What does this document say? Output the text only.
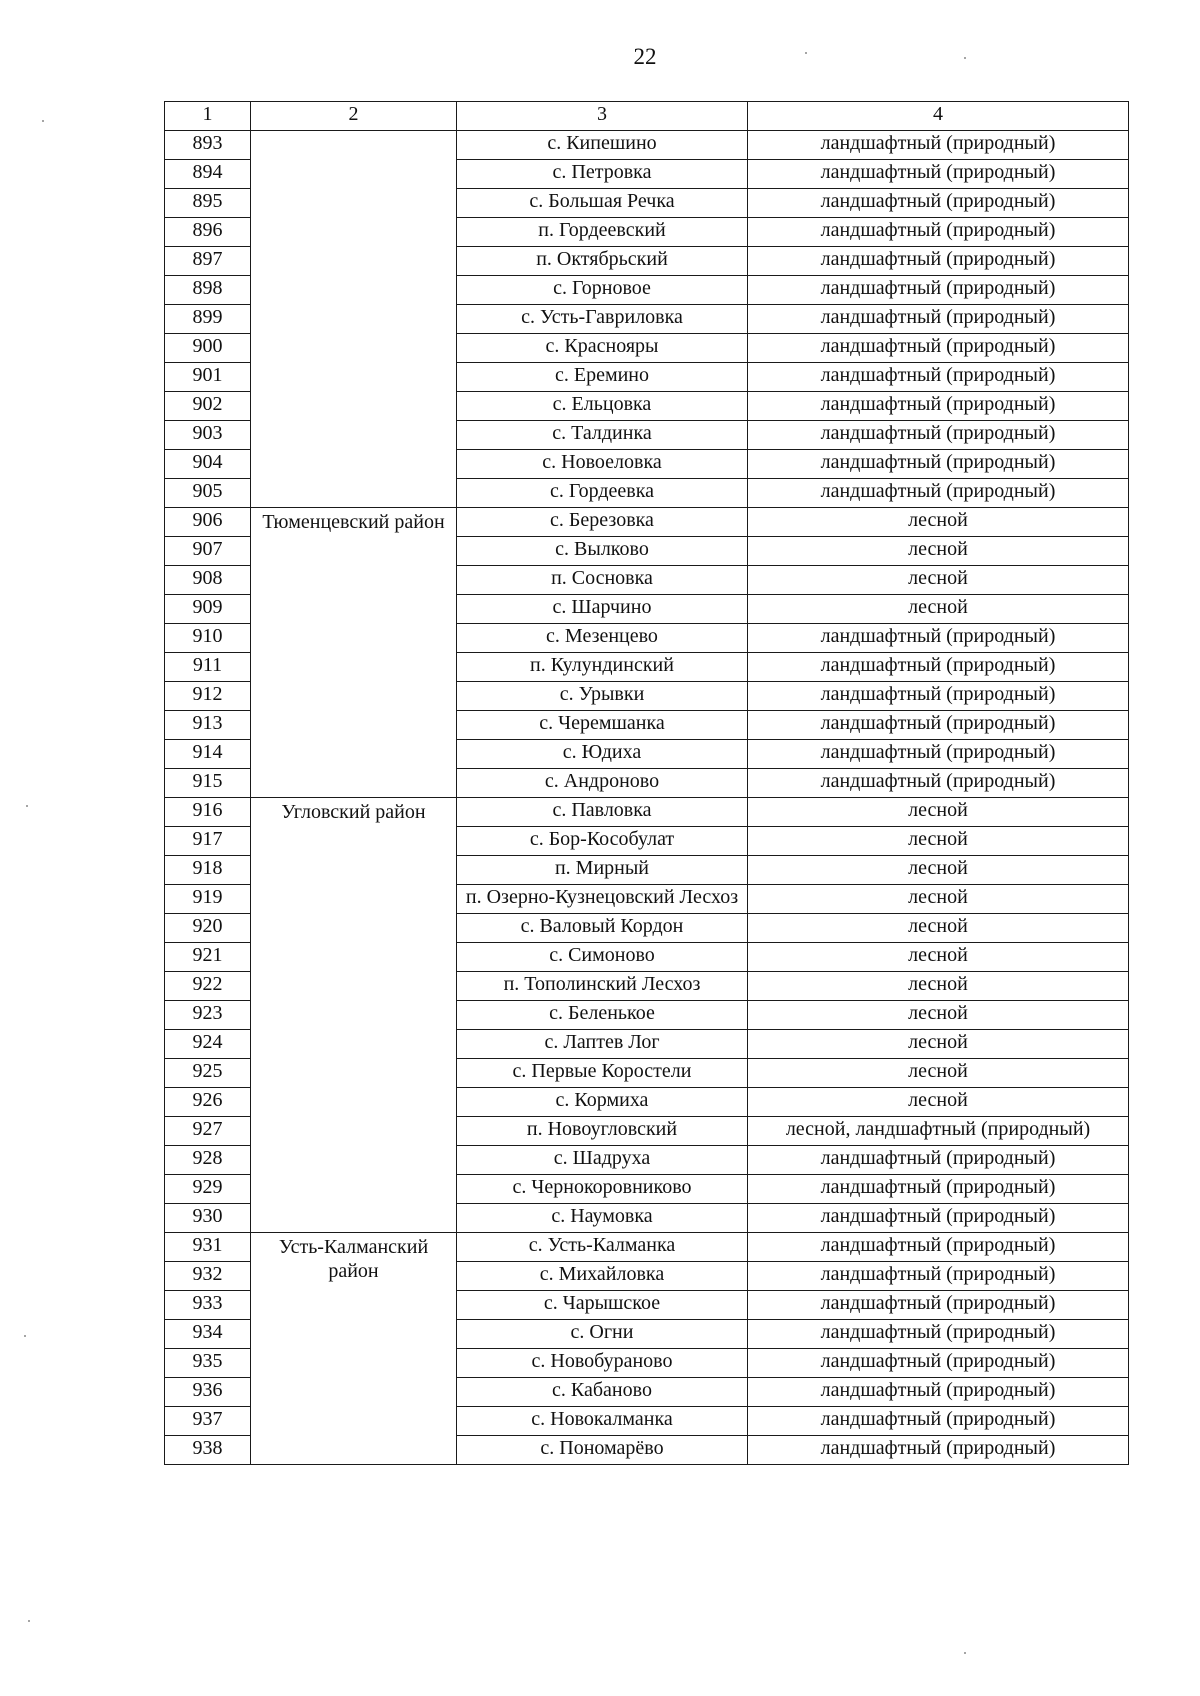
22
1	2	3	4
893		с. Кипешино	ландшафтный (природный)
894		с. Петровка	ландшафтный (природный)
895		с. Большая Речка	ландшафтный (природный)
896		п. Гордеевский	ландшафтный (природный)
897		п. Октябрьский	ландшафтный (природный)
898		с. Горновое	ландшафтный (природный)
899		с. Усть-Гавриловка	ландшафтный (природный)
900		с. Краснояры	ландшафтный (природный)
901		с. Еремино	ландшафтный (природный)
902		с. Ельцовка	ландшафтный (природный)
903		с. Талдинка	ландшафтный (природный)
904		с. Новоеловка	ландшафтный (природный)
905		с. Гордеевка	ландшафтный (природный)
906	Тюменцевский район	с. Березовка	лесной
907		с. Вылково	лесной
908		п. Сосновка	лесной
909		с. Шарчино	лесной
910		с. Мезенцево	ландшафтный (природный)
911		п. Кулундинский	ландшафтный (природный)
912		с. Урывки	ландшафтный (природный)
913		с. Черемшанка	ландшафтный (природный)
914		с. Юдиха	ландшафтный (природный)
915		с. Андроново	ландшафтный (природный)
916	Угловский район	с. Павловка	лесной
917		с. Бор-Кособулат	лесной
918		п. Мирный	лесной
919		п. Озерно-Кузнецовский Лесхоз	лесной
920		с. Валовый Кордон	лесной
921		с. Симоново	лесной
922		п. Тополинский Лесхоз	лесной
923		с. Беленькое	лесной
924		с. Лаптев Лог	лесной
925		с. Первые Коростели	лесной
926		с. Кормиха	лесной
927		п. Новоугловский	лесной, ландшафтный (природный)
928		с. Шадруха	ландшафтный (природный)
929		с. Чернокоровниково	ландшафтный (природный)
930		с. Наумовка	ландшафтный (природный)
931	Усть-Калманский район	с. Усть-Калманка	ландшафтный (природный)
932		с. Михайловка	ландшафтный (природный)
933		с. Чарышское	ландшафтный (природный)
934		с. Огни	ландшафтный (природный)
935		с. Новобураново	ландшафтный (природный)
936		с. Кабаново	ландшафтный (природный)
937		с. Новокалманка	ландшафтный (природный)
938		с. Пономарёво	ландшафтный (природный)
